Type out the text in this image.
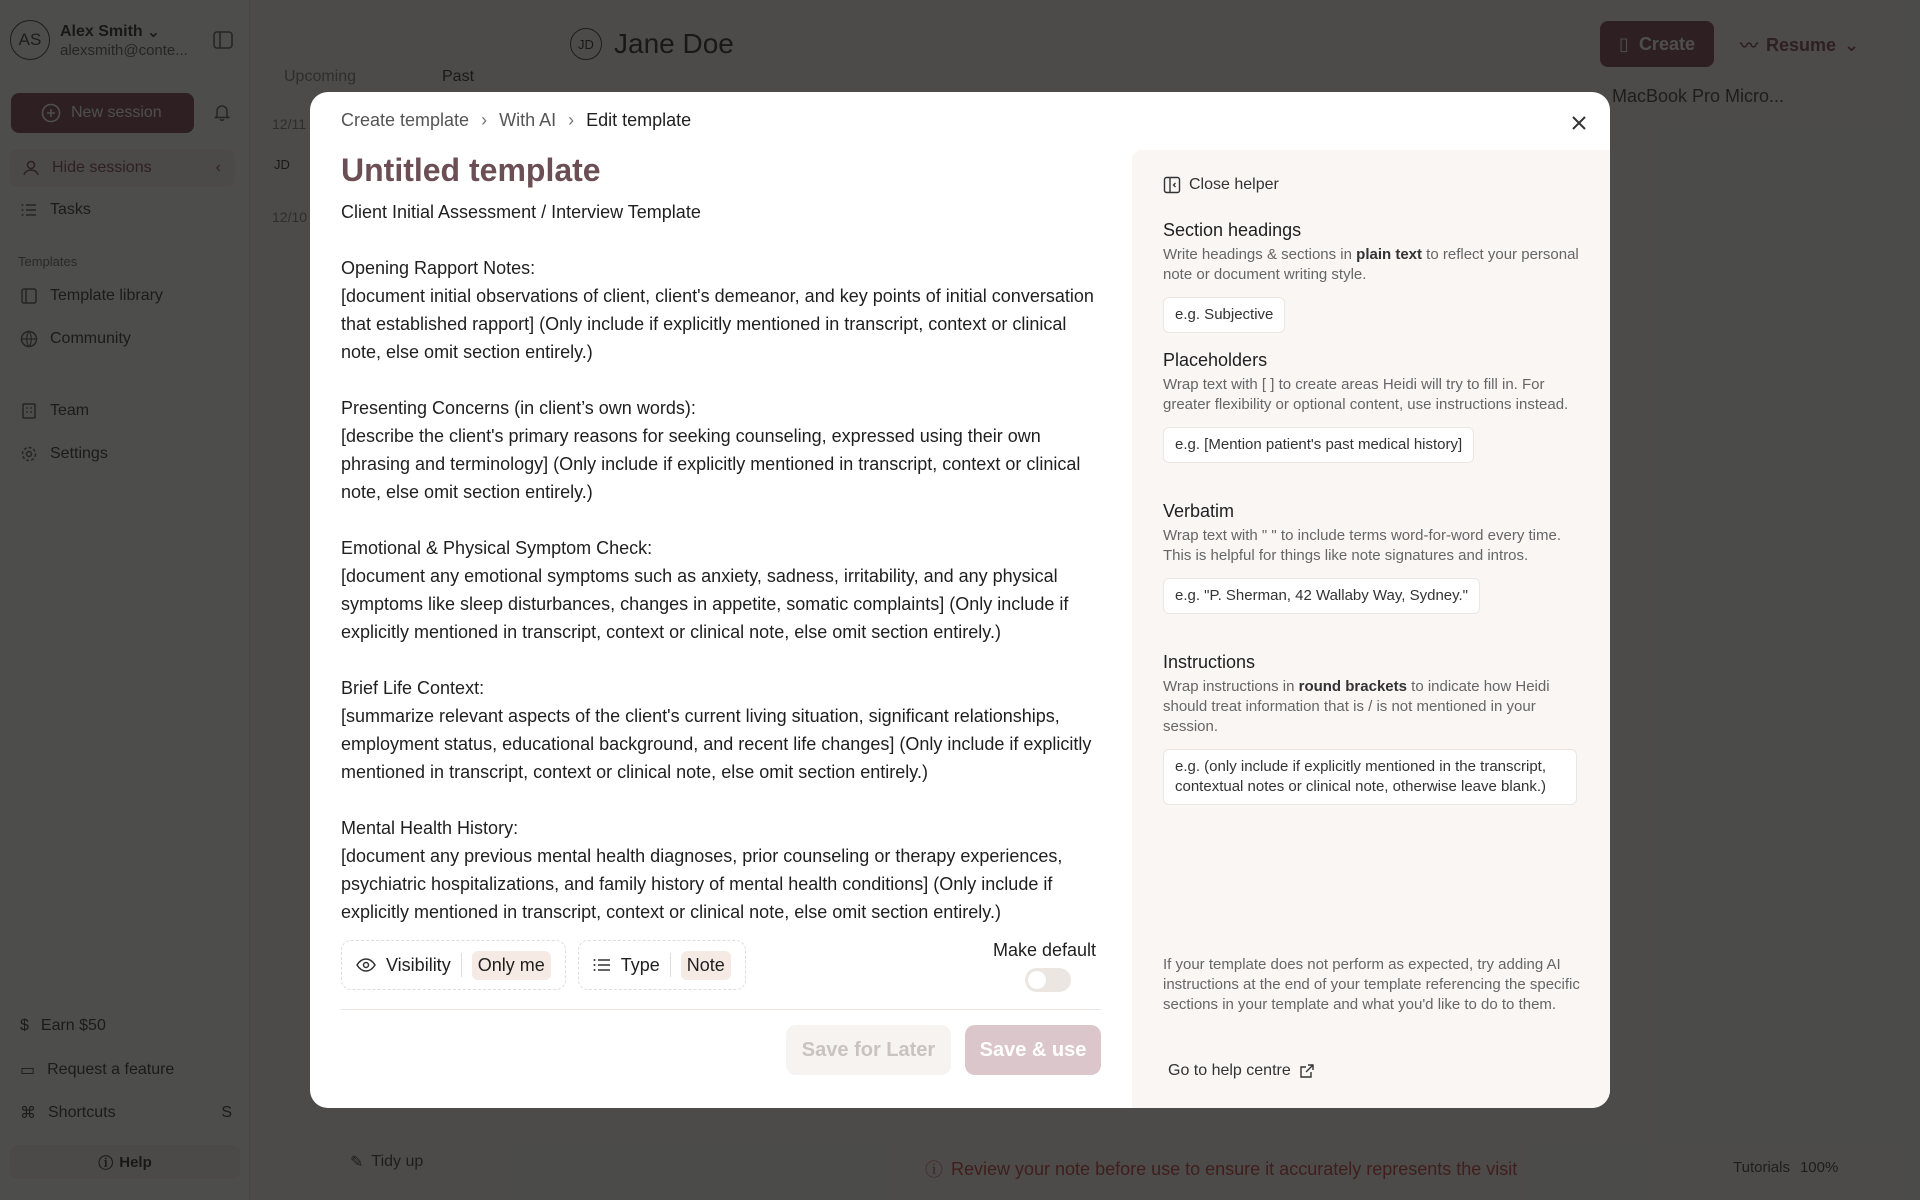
Create template › With AI › Edit template
Untitled template

Client Initial Assessment / Interview Template

Opening Rapport Notes:
[document initial observations of client, client's demeanor, and key points of initial conversation that established rapport] (Only include if explicitly mentioned in transcript, context or clinical note, else omit section entirely.)

Presenting Concerns (in client’s own words):
[describe the client's primary reasons for seeking counseling, expressed using their own phrasing and terminology] (Only include if explicitly mentioned in transcript, context or clinical note, else omit section entirely.)

Emotional & Physical Symptom Check:
[document any emotional symptoms such as anxiety, sadness, irritability, and any physical symptoms like sleep disturbances, changes in appetite, somatic complaints] (Only include if explicitly mentioned in transcript, context or clinical note, else omit section entirely.)

Brief Life Context:
[summarize relevant aspects of the client's current living situation, significant relationships, employment status, educational background, and recent life changes] (Only include if explicitly mentioned in transcript, context or clinical note, else omit section entirely.)

Mental Health History:
[document any previous mental health diagnoses, prior counseling or therapy experiences, psychiatric hospitalizations, and family history of mental health conditions] (Only include if explicitly mentioned in transcript, context or clinical note, else omit section entirely.)

Visibility	Only me	Type	Note
Make default
Save for Later	Save & use
Close helper
Section headings
Write headings & sections in plain text to reflect your personal note or document writing style.
e.g. Subjective
Placeholders
Wrap text with [ ] to create areas Heidi will try to fill in. For greater flexibility or optional content, use instructions instead.
e.g. [Mention patient's past medical history]
Verbatim
Wrap text with " " to include terms word-for-word every time. This is helpful for things like note signatures and intros.
e.g. "P. Sherman, 42 Wallaby Way, Sydney."
Instructions
Wrap instructions in round brackets to indicate how Heidi should treat information that is / is not mentioned in your session.
e.g. (only include if explicitly mentioned in the transcript, contextual notes or clinical note, otherwise leave blank.)
If your template does not perform as expected, try adding AI instructions at the end of your template referencing the specific sections in your template and what you'd like to do to them.
Go to help centre
